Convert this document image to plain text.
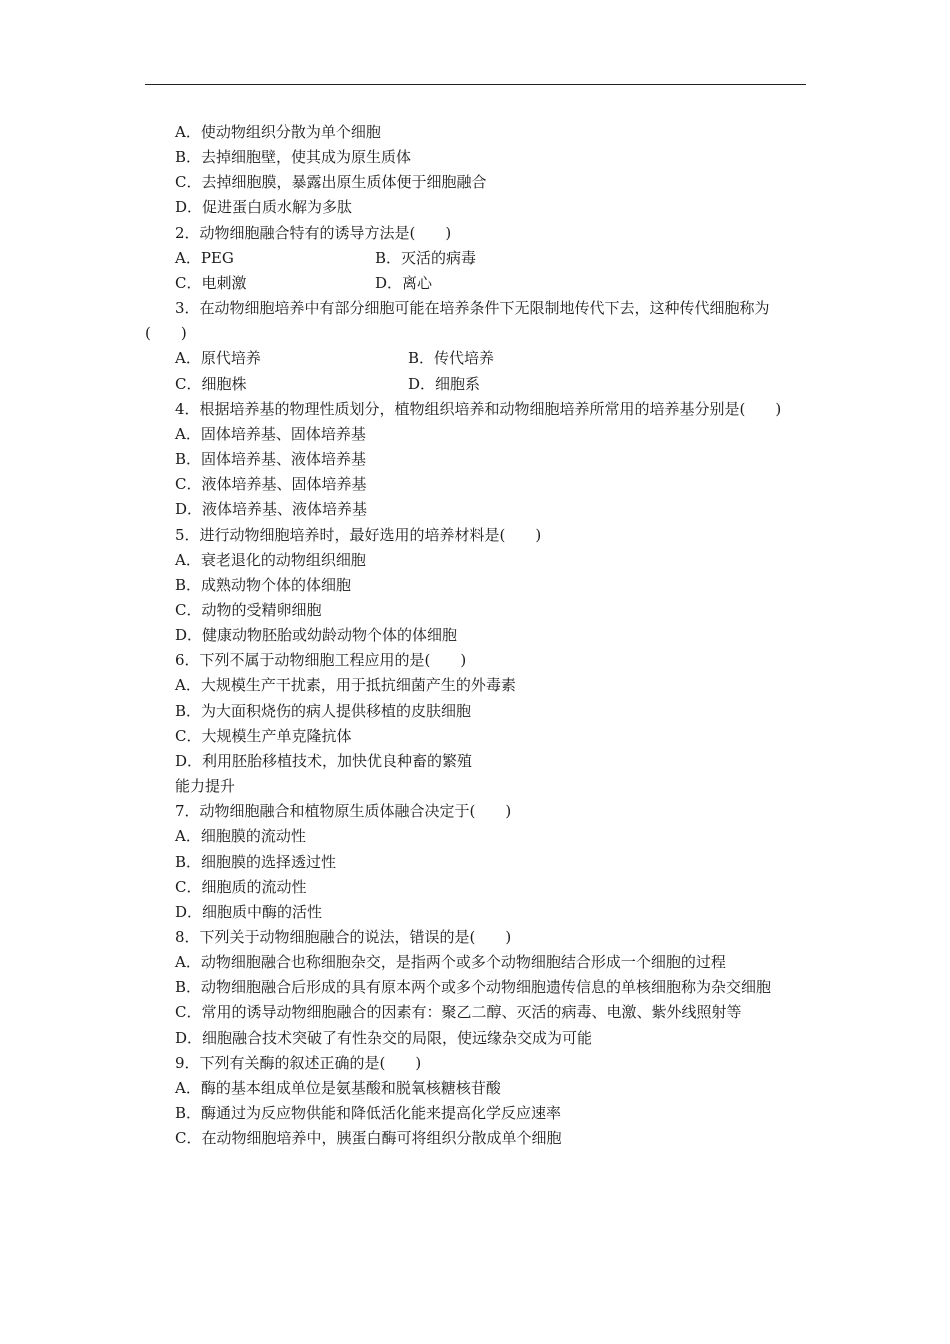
A．使动物组织分散为单个细胞
B．去掉细胞壁，使其成为原生质体
C．去掉细胞膜，暴露出原生质体便于细胞融合
D．促进蛋白质水解为多肽
2．动物细胞融合特有的诱导方法是(　　)
A．PEG	B．灭活的病毒
C．电刺激	D．离心
3．在动物细胞培养中有部分细胞可能在培养条件下无限制地传代下去，这种传代细胞称为(　　)
A．原代培养	B．传代培养
C．细胞株	D．细胞系
4．根据培养基的物理性质划分，植物组织培养和动物细胞培养所常用的培养基分别是(　　)
A．固体培养基、固体培养基
B．固体培养基、液体培养基
C．液体培养基、固体培养基
D．液体培养基、液体培养基
5．进行动物细胞培养时，最好选用的培养材料是(　　)
A．衰老退化的动物组织细胞
B．成熟动物个体的体细胞
C．动物的受精卵细胞
D．健康动物胚胎或幼龄动物个体的体细胞
6．下列不属于动物细胞工程应用的是(　　)
A．大规模生产干扰素，用于抵抗细菌产生的外毒素
B．为大面积烧伤的病人提供移植的皮肤细胞
C．大规模生产单克隆抗体
D．利用胚胎移植技术，加快优良种畜的繁殖
能力提升
7．动物细胞融合和植物原生质体融合决定于(　　)
A．细胞膜的流动性
B．细胞膜的选择透过性
C．细胞质的流动性
D．细胞质中酶的活性
8．下列关于动物细胞融合的说法，错误的是(　　)
A．动物细胞融合也称细胞杂交，是指两个或多个动物细胞结合形成一个细胞的过程
B．动物细胞融合后形成的具有原本两个或多个动物细胞遗传信息的单核细胞称为杂交细胞
C．常用的诱导动物细胞融合的因素有：聚乙二醇、灭活的病毒、电激、紫外线照射等
D．细胞融合技术突破了有性杂交的局限，使远缘杂交成为可能
9．下列有关酶的叙述正确的是(　　)
A．酶的基本组成单位是氨基酸和脱氧核糖核苷酸
B．酶通过为反应物供能和降低活化能来提高化学反应速率
C．在动物细胞培养中，胰蛋白酶可将组织分散成单个细胞
